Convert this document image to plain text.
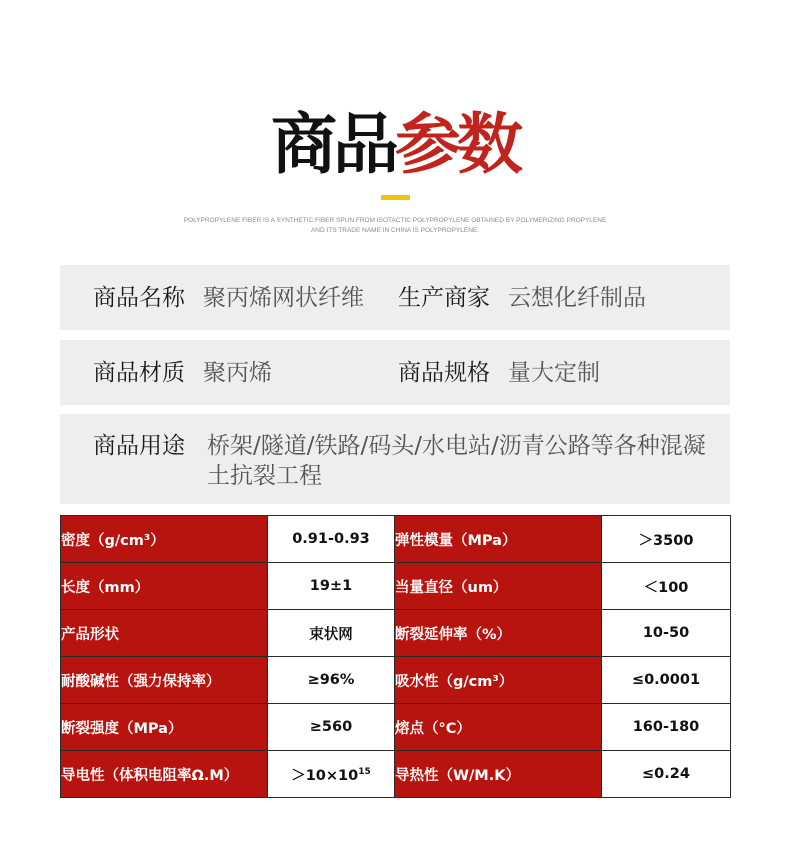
商品参数
POLYPROPYLENE FIBER IS A SYNTHETIC FIBER SPUN FROM ISOTACTIC POLYPROPYLENE OBTAINED BY POLYMERIZING PROPYLENE
AND ITS TRADE NAME IN CHINA IS POLYPROPYLENE.
商品名称 聚丙烯网状纤维 生产商家 云想化纤制品
商品材质 聚丙烯	商品规格 量大定制
商品用途 桥架/隧道/铁路/码头/水电站/沥青公路等各种混凝土抗裂工程
密度（g/cm³）	0.91-0.93	弹性模量（MPa）	＞3500
长度（mm）	19±1	当量直径（um）	＜100
产品形状	束状网	断裂延伸率（%）	10-50
耐酸碱性（强力保持率）	≥96%	吸水性（g/cm³）	≤0.0001
断裂强度（MPa）	≥560	熔点（°C）	160-180
导电性（体积电阻率Ω.M）	$>10\times 10^{15}$	导热性（W/M.K）	≤0.24
